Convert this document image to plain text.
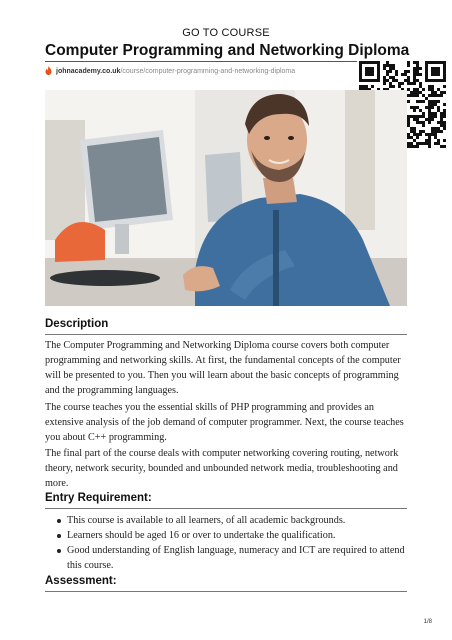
GO TO COURSE
Computer Programming and Networking Diploma
johnacademy.co.uk/course/computer-programming-and-networking-diploma
Description

The Computer Programming and Networking Diploma course covers both computer programming and networking skills. At first, the fundamental concepts of the computer will be presented to you. Then you will learn about the basic concepts of programming and the programming languages.

The course teaches you the essential skills of PHP programming and provides an extensive analysis of the job demand of computer programmer. Next, the course teaches you about C++ programming.

The final part of the course deals with computer networking covering routing, network theory, network security, bounded and unbounded network media, troubleshooting and more.

Entry Requirement:
This course is available to all learners, of all academic backgrounds.
Learners should be aged 16 or over to undertake the qualification.
Good understanding of English language, numeracy and ICT are required to attend this course.
Assessment:
1/8
